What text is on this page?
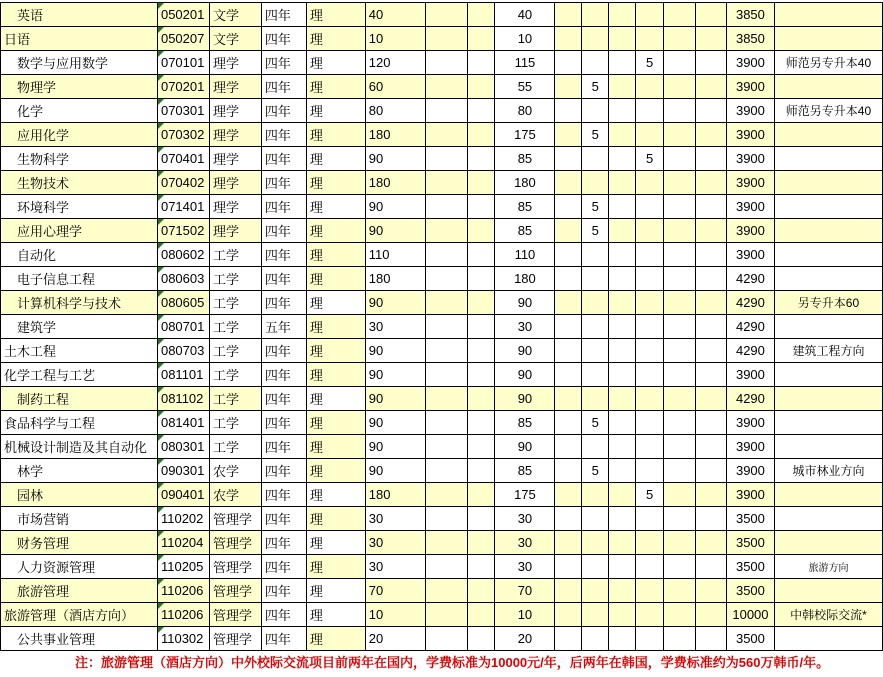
　英语	050201	文学	四年	理	40			40							3850	
日语	050207	文学	四年	理	10			10							3850	
　数学与应用数学	070101	理学	四年	理	120			115				5			3900	师范另专升本40
　物理学	070201	理学	四年	理	60			55		5					3900	
　化学	070301	理学	四年	理	80			80							3900	师范另专升本40
　应用化学	070302	理学	四年	理	180			175		5					3900	
　生物科学	070401	理学	四年	理	90			85				5			3900	
　生物技术	070402	理学	四年	理	180			180							3900	
　环境科学	071401	理学	四年	理	90			85		5					3900	
　应用心理学	071502	理学	四年	理	90			85		5					3900	
　自动化	080602	工学	四年	理	110			110							3900	
　电子信息工程	080603	工学	四年	理	180			180							4290	
　计算机科学与技术	080605	工学	四年	理	90			90							4290	另专升本60
　建筑学	080701	工学	五年	理	30			30							4290	
土木工程	080703	工学	四年	理	90			90							4290	建筑工程方向
化学工程与工艺	081101	工学	四年	理	90			90							3900	
　制药工程	081102	工学	四年	理	90			90							4290	
食品科学与工程	081401	工学	四年	理	90			85		5					3900	
机械设计制造及其自动化	080301	工学	四年	理	90			90							3900	
　林学	090301	农学	四年	理	90			85		5					3900	城市林业方向
　园林	090401	农学	四年	理	180			175				5			3900	
　市场营销	110202	管理学	四年	理	30			30							3500	
　财务管理	110204	管理学	四年	理	30			30							3500	
　人力资源管理	110205	管理学	四年	理	30			30							3500	旅游方向
　旅游管理	110206	管理学	四年	理	70			70							3500	
旅游管理（酒店方向）	110206	管理学	四年	理	10			10							10000	中韩校际交流*
　公共事业管理	110302	管理学	四年	理	20			20							3500	
注：旅游管理（酒店方向）中外校际交流项目前两年在国内，学费标准为10000元/年，后两年在韩国，学费标准约为560万韩币/年。
